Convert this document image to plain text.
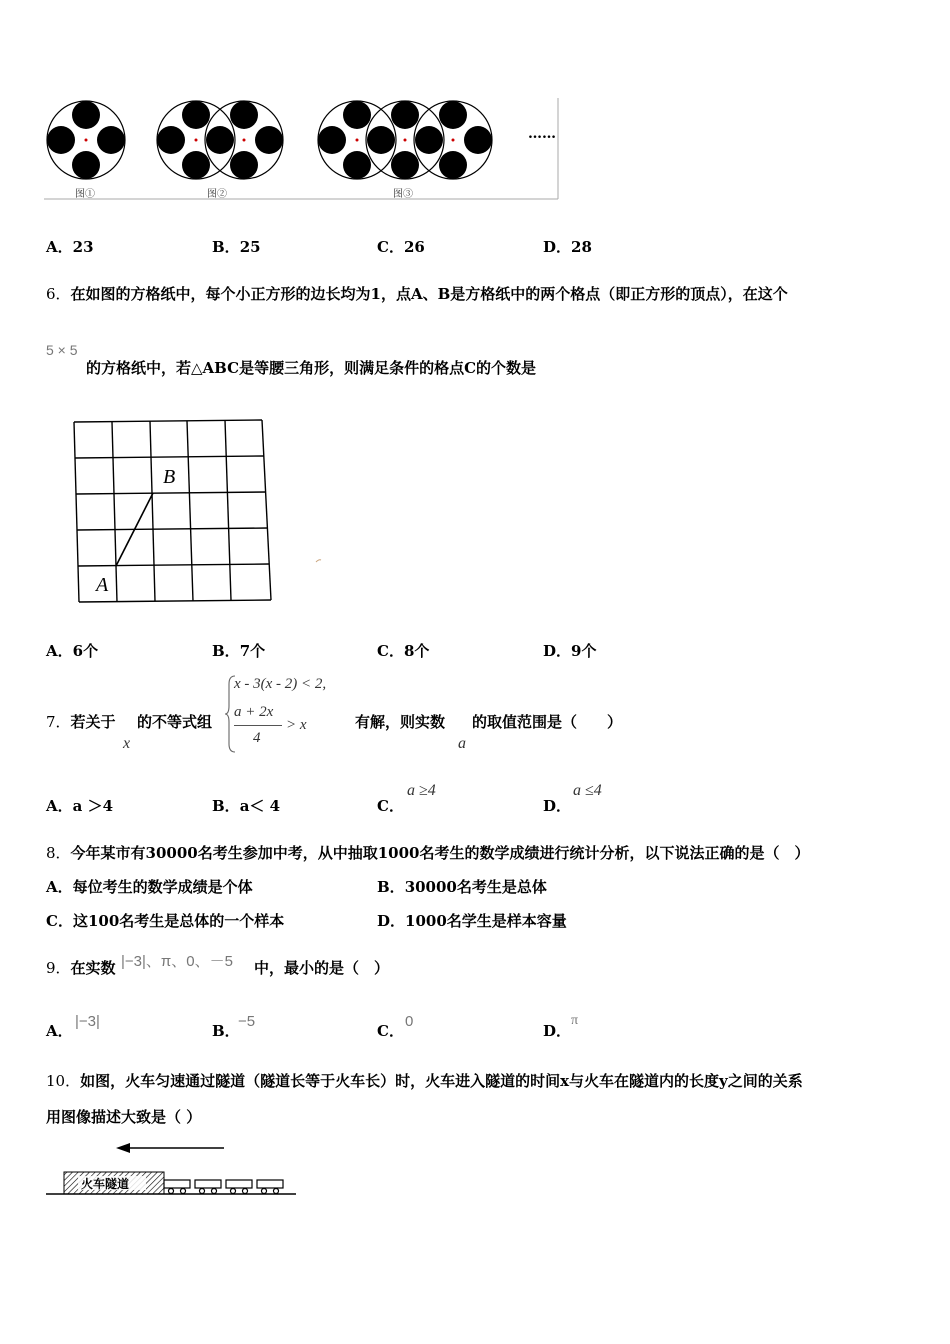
图①	图②	图③
……
A．23	B．25	C．26	D．28
6．在如图的方格纸中，每个小正方形的边长均为1，点A、B是方格纸中的两个格点（即正方形的顶点），在这个
5 × 5
的方格纸中，若△ABC是等腰三角形，则满足条件的格点C的个数是
A
B
A．6个	B．7个	C．8个	D．9个
7．若关于
x
的不等式组
x - 3(x - 2) < 2,
a + 2x
4
> x	有解，则实数
a
的取值范围是（　　）
A．a ＞4	B．a＜ 4	C．
a ≥4
D．
a ≤4
8．今年某市有30000名考生参加中考，从中抽取1000名考生的数学成绩进行统计分析，以下说法正确的是（　）
A．每位考生的数学成绩是个体	B．30000名考生是总体
C．这100名考生是总体的一个样本	D．1000名学生是样本容量
9．在实数 |−3|、π、0、－5 中，最小的是（　）
A．
|−3|
B．
−5
C．
0
D．
π
10．如图，火车匀速通过隧道（隧道长等于火车长）时，火车进入隧道的时间x与火车在隧道内的长度y之间的关系
用图像描述大致是（ ）
火车隧道
